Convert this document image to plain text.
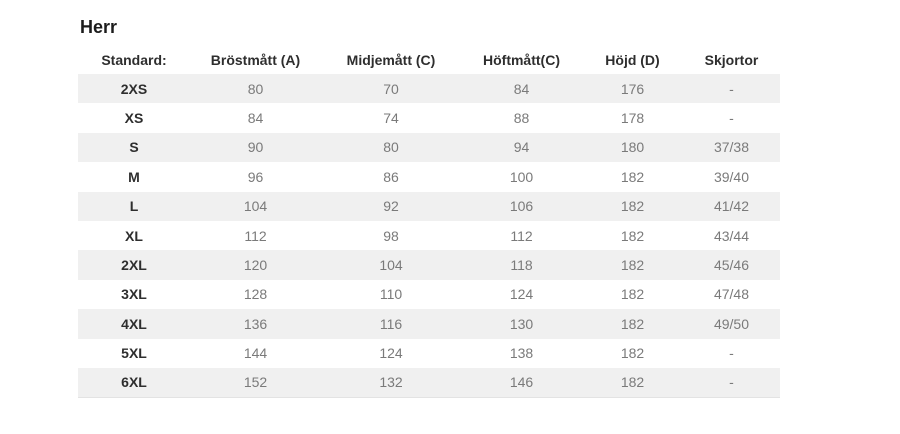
Herr
Standard:	Bröstmått (A)	Midjemått (C)	Höftmått(C)	Höjd (D)	Skjortor
2XS	80	70	84	176	-
XS	84	74	88	178	-
S	90	80	94	180	37/38
M	96	86	100	182	39/40
L	104	92	106	182	41/42
XL	112	98	112	182	43/44
2XL	120	104	118	182	45/46
3XL	128	110	124	182	47/48
4XL	136	116	130	182	49/50
5XL	144	124	138	182	-
6XL	152	132	146	182	-
